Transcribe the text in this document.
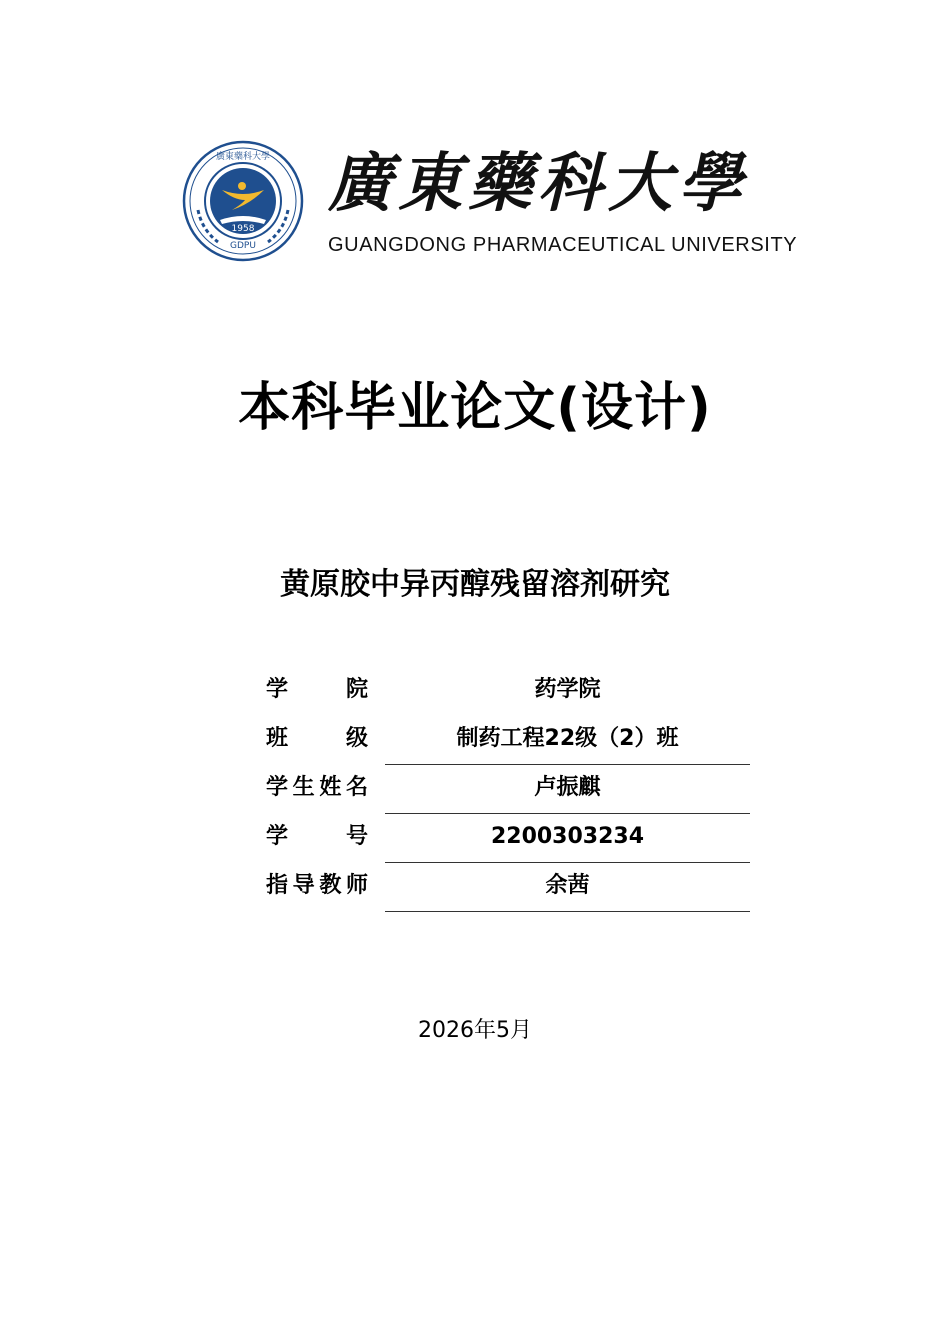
廣東藥科大學
1958
GDPU
廣東藥科大學
GUANGDONG PHARMACEUTICAL UNIVERSITY
本科毕业论文(设计)
黄原胶中异丙醇残留溶剂研究
学	院	药学院
班	级	制药工程22级（2）班
学 生 姓 名	卢振麒
学	号	2200303234
指 导 教 师	余茜
2026年5月
